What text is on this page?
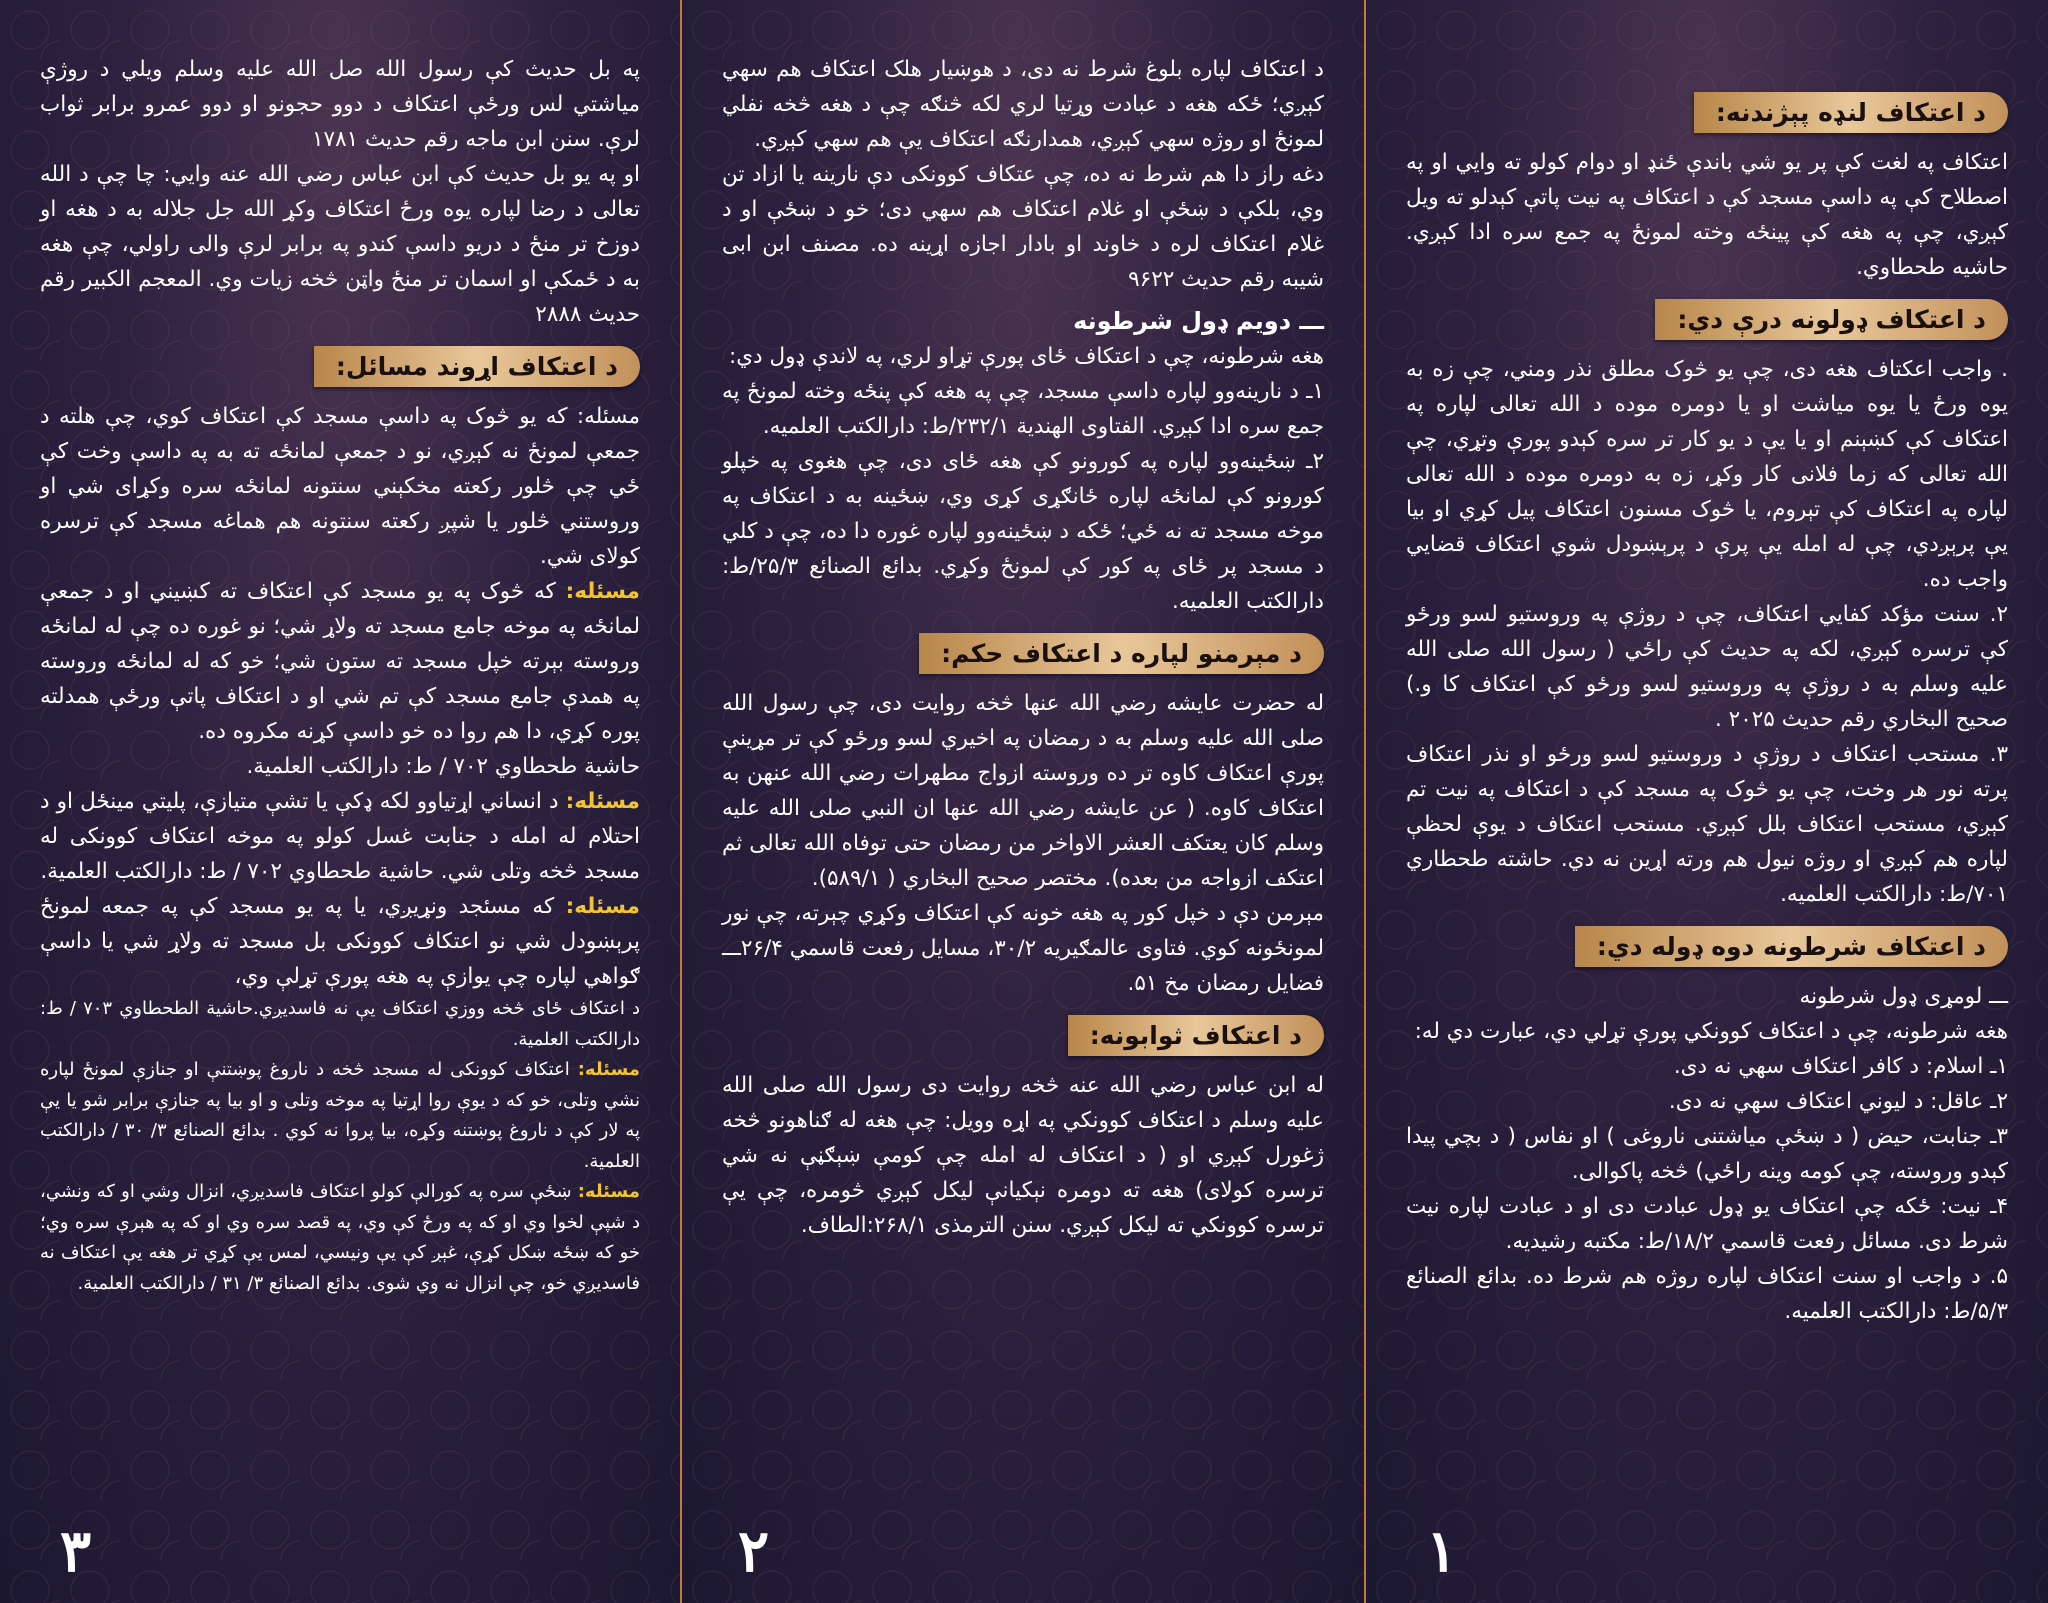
په بل حديث کې رسول الله صل الله عليه وسلم ويلي د روژې مياشتي لس ورځې اعتکاف د دوو حجونو او دوو عمرو برابر ثواب لرې. سنن ابن ماجه رقم حديث ۱۷۸۱

او په يو بل حديث کې ابن عباس رضي الله عنه وايي: چا چې د الله تعالی د رضا لپاره يوه ورځ اعتکاف وکړ الله جل جلاله به د هغه او دوزخ تر منځ د دريو داسې کندو په برابر لرې والی راولي، چې هغه به د ځمکې او اسمان تر منځ واټن څخه زيات وي. المعجم الکبير رقم حديث ۲۸۸۸

د اعتکاف اړوند مسائل:

مسئله: که يو څوک په داسې مسجد کې اعتکاف کوي، چې هلته د جمعې لمونځ نه کېږي، نو د جمعې لمانځه ته به په داسې وخت کې ځي چې څلور رکعته مخکېني سنتونه لمانځه سره وکړای شي او وروستني څلور يا شپږ رکعته سنتونه هم هماغه مسجد کې ترسره کولای شي.

مسئله: که څوک په يو مسجد کې اعتکاف ته کښيني او د جمعې لمانځه په موخه جامع مسجد ته ولاړ شي؛ نو غوره ده چې له لمانځه وروسته بېرته خپل مسجد ته ستون شي؛ خو که له لمانځه وروسته په همدې جامع مسجد کې تم شي او د اعتکاف پاتې ورځې همدلته پوره کړي، دا هم روا ده خو داسې کړنه مکروه ده.

حاشية طحطاوي ۷۰۲ / ط: دارالکتب العلمية.

مسئله: د انساني اړتياوو لکه ډکې يا تشې متيازې، پليتي مينځل او د احتلام له امله د جنابت غسل کولو په موخه اعتکاف کوونکی له مسجد څخه وتلی شي. حاشية طحطاوي ۷۰۲ / ط: دارالکتب العلمية.

مسئله: که مسئجد ونړيږي، يا په يو مسجد کې په جمعه لمونځ پرېښودل شي نو اعتکاف کوونکی بل مسجد ته ولاړ شي يا داسې ګواهي لپاره چې يوازې په هغه پورې تړلې وي،

د اعتکاف ځای څخه ووزي اعتکاف يې نه فاسديږي.حاشية الطحطاوي ۷۰۳ / ط: دارالکتب العلمية.

مسئله: اعتکاف کوونکی له مسجد څخه د ناروغ پوښتنې او جنازې لمونځ لپاره نشي وتلی، خو که د يوې روا اړتيا په موخه وتلی و او بيا په جنازې برابر شو يا يې په لار کې د ناروغ پوښتنه وکړه، بيا پروا نه کوي . بدائع الصنائع ۳/ ۳۰ / دارالکتب العلمية.

مسئله: ښځې سره په کورالې کولو اعتکاف فاسديږي، انزال وشي او که ونشي، د شپې لخوا وي او که په ورځ کې وي، په قصد سره وي او که په هېرې سره وي؛ خو که ښځه ښکل کړې، غېږ کې يې ونيسي، لمس يې کړي تر هغه يې اعتکاف نه فاسديږي خو، چې انزال نه وي شوی. بدائع الصنائع ۳/ ۳۱ / دارالکتب العلمية.

۳

د اعتکاف لپاره بلوغ شرط نه دی، د هوښيار هلک اعتکاف هم سهي کېږي؛ ځکه هغه د عبادت وړتيا لري لکه څنګه چې د هغه څخه نفلي لمونځ او روژه سهي کېږي، همدارنګه اعتکاف يې هم سهي کېږي.

دغه راز دا هم شرط نه ده، چې عتکاف کوونکی دې نارينه يا ازاد تن وي، بلکې د ښځې او غلام اعتکاف هم سهي دی؛ خو د ښځې او د غلام اعتکاف لره د خاوند او بادار اجازه اړينه ده. مصنف ابن ابی شيبه رقم حديث ۹۶۲۲

ـــ دويم ډول شرطونه

هغه شرطونه، چې د اعتکاف ځای پورې تړاو لري، په لاندې ډول دي:

۱ـ د نارينه‌وو لپاره داسې مسجد، چې په هغه کې پنځه وخته لمونځ په جمع سره ادا کېږي. الفتاوی الهندية ۲۳۲/۱/ط: دارالکتب العلميه.

۲ـ ښځينه‌وو لپاره په کورونو کې هغه ځای دی، چې هغوی په خپلو کورونو کې لمانځه لپاره ځانګړی کړی وي، ښځينه به د اعتکاف په موخه مسجد ته نه ځي؛ ځکه د ښځينه‌وو لپاره غوره دا ده، چې د کلي د مسجد پر ځای په کور کې لمونځ وکړي. بدائع الصنائع ۲۵/۳/ط: دارالکتب العلميه.

د مېرمنو لپاره د اعتکاف حکم:

له حضرت عايشه رضي الله عنها څخه روايت دی، چې رسول الله صلی الله عليه وسلم به د رمضان په اخيري لسو ورځو کې تر مړينې پورې اعتکاف کاوه تر ده وروسته ازواج مطهرات رضي الله عنهن به اعتکاف کاوه. ( عن عايشه رضي الله عنها ان النبي صلی الله عليه وسلم کان يعتکف العشر الاواخر من رمضان حتی توفاه الله تعالی ثم اعتکف ازواجه من بعده). مختصر صحيح البخاري ( ۵۸۹/۱).

مېرمن دې د خپل کور په هغه خونه کې اعتکاف وکړي چېرته، چې نور لمونځونه کوي. فتاوی عالمګيريه ۳۰/۲، مسايل رفعت قاسمي ۲۶/۴ـــ فضايل رمضان مخ ۵۱.

د اعتکاف ثوابونه:

له ابن عباس رضي الله عنه څخه روايت دی رسول الله صلی الله عليه وسلم د اعتکاف کوونکي په اړه وويل: چې هغه له ګناهونو څخه ژغورل کېږي او ( د اعتکاف له امله چې کومې ښېګڼې نه شي ترسره کولای) هغه ته دومره نېکيانې ليکل کېږي څومره، چې يې ترسره کوونکي ته ليکل کېږي. سنن الترمذی ۲۶۸/۱:الطاف.

۲
د اعتکاف لنډه پېژندنه:

اعتکاف په لغت کې پر يو شي باندې ځنډ او دوام کولو ته وايي او په اصطلاح کې په داسې مسجد کې د اعتکاف په نيت پاتې کېدلو ته ويل کېږي، چې په هغه کې پينځه وخته لمونځ په جمع سره ادا کېږي. حاشيه طحطاوي.

د اعتکاف ډولونه درې دي:

. واجب اعکتاف هغه دی، چې يو څوک مطلق نذر ومني، چې زه به يوه ورځ يا يوه مياشت او يا دومره موده د الله تعالی لپاره په اعتکاف کې کښېنم او يا يې د يو کار تر سره کېدو پورې وتړي، چې الله تعالی که زما فلانی کار وکړ، زه به دومره موده د الله تعالی لپاره په اعتکاف کې تېروم، يا څوک مسنون اعتکاف پيل کړي او بيا يې پرېږدي، چې له امله يې پرې د پرېښودل شوي اعتکاف قضايي واجب ده.

۲. سنت مؤکد کفايي اعتکاف، چې د روژې په وروستيو لسو ورځو کې ترسره کېږي، لکه په حديث کې راځي ( رسول الله صلی الله عليه وسلم به د روژې په وروستيو لسو ورځو کې اعتکاف کا و.) صحيح البخاري رقم حديث ۲۰۲۵ .

۳. مستحب اعتکاف د روژې د وروستيو لسو ورځو او نذر اعتکاف پرته نور هر وخت، چې يو څوک په مسجد کې د اعتکاف په نيت تم کېږي، مستحب اعتکاف بلل کېږي. مستحب اعتکاف د يوې لحظې لپاره هم کېږي او روژه نيول هم ورته اړين نه دي. حاشته طحطاري ۷۰۱/ط: دارالکتب العلميه.

د اعتکاف شرطونه دوه ډوله دي:

ـــ لومړی ډول شرطونه

هغه شرطونه، چې د اعتکاف کوونکي پورې تړلي دي، عبارت دي له:

۱ـ اسلام: د کافر اعتکاف سهي نه دی.

۲ـ عاقل: د ليوني اعتکاف سهي نه دی.

۳ـ جنابت، حيض ( د ښځې مياشتنی ناروغی ) او نفاس ( د بچي پيدا کېدو وروسته، چې کومه وينه راځي) څخه پاکوالی.

۴ـ نيت: ځکه چې اعتکاف يو ډول عبادت دی او د عبادت لپاره نيت شرط دی. مسائل رفعت قاسمي ۱۸/۲/ط: مکتبه رشيديه.

۵. د واجب او سنت اعتکاف لپاره روژه هم شرط ده. بدائع الصنائع ۵/۳/ط: دارالکتب العلميه.

۱
